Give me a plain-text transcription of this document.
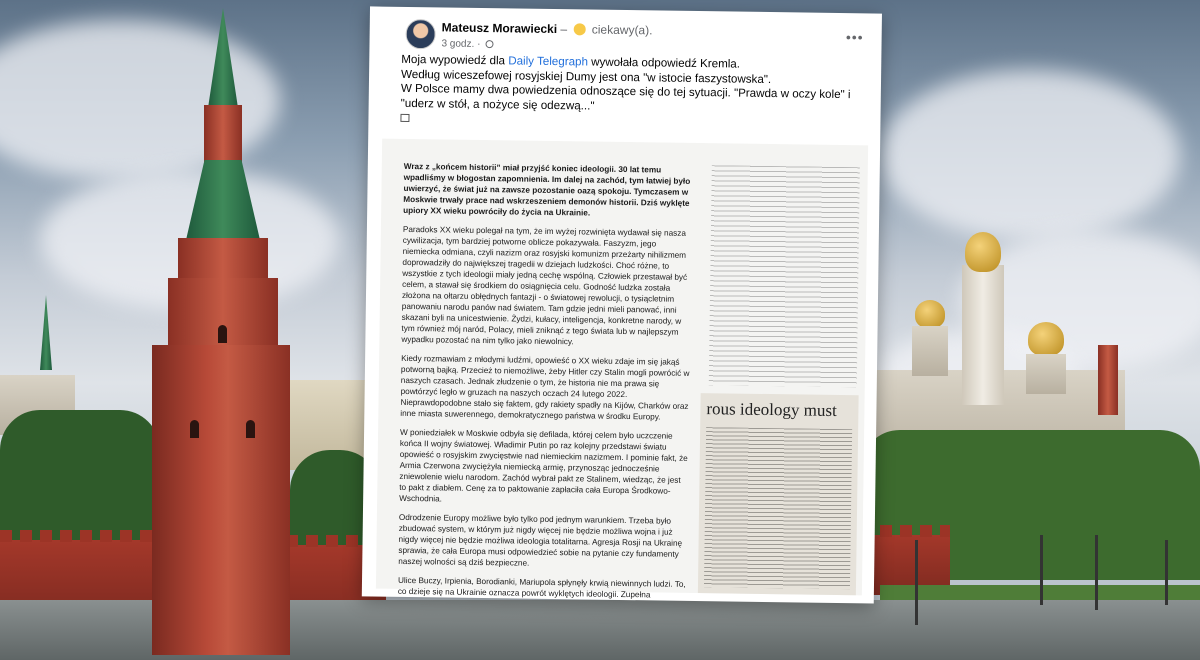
Mateusz Morawiecki – ciekawy(a).
3 godz. ·	•••
Moja wypowiedź dla Daily Telegraph wywołała odpowiedź Kremla.
Według wiceszefowej rosyjskiej Dumy jest ona "w istocie faszystowska".
W Polsce mamy dwa powiedzenia odnoszące się do tej sytuacji. "Prawda w oczy kole" i "uderz w stół, a nożyce się odezwą..."

Wraz z „końcem historii” miał przyjść koniec ideologii. 30 lat temu wpadliśmy w błogostan zapomnienia. Im dalej na zachód, tym łatwiej było uwierzyć, że świat już na zawsze pozostanie oazą spokoju. Tymczasem w Moskwie trwały prace nad wskrzeszeniem demonów historii. Dziś wyklęte upiory XX wieku powróciły do życia na Ukrainie.

Paradoks XX wieku polegał na tym, że im wyżej rozwinięta wydawał się nasza cywilizacja, tym bardziej potworne oblicze pokazywała. Faszyzm, jego niemiecka odmiana, czyli nazizm oraz rosyjski komunizm przeżarty nihilizmem doprowadziły do największej tragedii w dziejach ludzkości. Choć różne, to wszystkie z tych ideologii miały jedną cechę wspólną. Człowiek przestawał być celem, a stawał się środkiem do osiągnięcia celu. Godność ludzka została złożona na ołtarzu obłędnych fantazji - o światowej rewolucji, o tysiącletnim panowaniu narodu panów nad światem. Tam gdzie jedni mieli panować, inni skazani byli na unicestwienie. Żydzi, kułacy, inteligencja, konkretne narody, w tym również mój naród, Polacy, mieli zniknąć z tego świata lub w najlepszym wypadku pozostać na nim tylko jako niewolnicy.

Kiedy rozmawiam z młodymi ludźmi, opowieść o XX wieku zdaje im się jakąś potworną bajką. Przecież to niemożliwe, żeby Hitler czy Stalin mogli powrócić w naszych czasach. Jednak złudzenie o tym, że historia nie ma prawa się powtórzyć legło w gruzach na naszych oczach 24 lutego 2022. Nieprawdopodobne stało się faktem, gdy rakiety spadły na Kijów, Charków oraz inne miasta suwerennego, demokratycznego państwa w środku Europy.

W poniedziałek w Moskwie odbyła się defilada, której celem było uczczenie końca II wojny światowej. Władimir Putin po raz kolejny przedstawi światu opowieść o rosyjskim zwycięstwie nad niemieckim nazizmem. I pominie fakt, że Armia Czerwona zwyciężyła niemiecką armię, przynosząc jednocześnie zniewolenie wielu narodom. Zachód wybrał pakt ze Stalinem, wiedząc, że jest to pakt z diabłem. Cenę za to paktowanie zapłaciła cała Europa Środkowo-Wschodnia.

Odrodzenie Europy możliwe było tylko pod jednym warunkiem. Trzeba było zbudować system, w którym już nigdy więcej nie będzie możliwa wojna i już nigdy więcej nie będzie możliwa ideologia totalitarna. Agresja Rosji na Ukrainę sprawia, że cała Europa musi odpowiedzieć sobie na pytanie czy fundamenty naszej wolności są dziś bezpieczne.

Ulice Buczy, Irpienia, Borodianki, Mariupola spłynęły krwią niewinnych ludzi. To, co dzieje się na Ukrainie oznacza powrót wyklętych ideologii. Zupełna

rous ideology must
